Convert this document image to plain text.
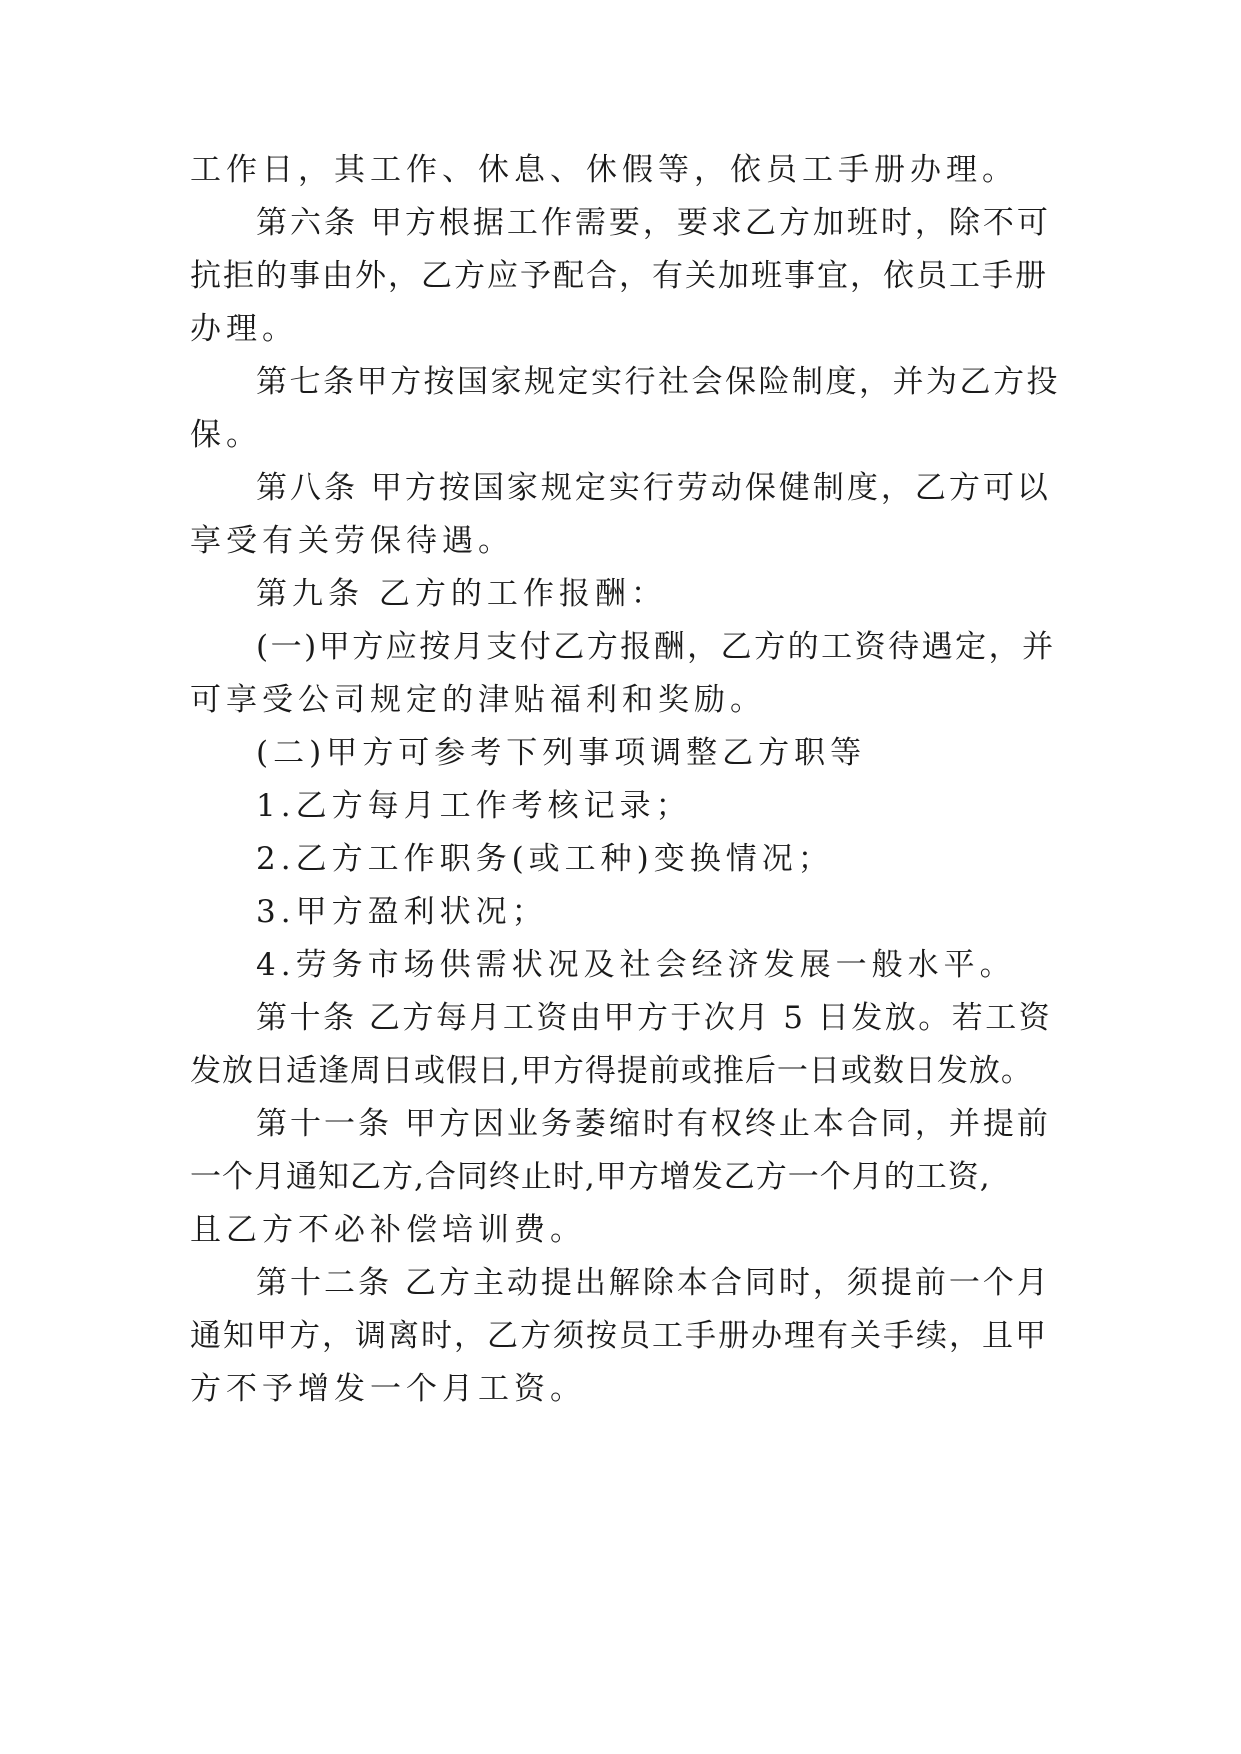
工作日，其工作、休息、休假等，依员工手册办理。
第六条 甲方根据工作需要，要求乙方加班时，除不可
抗拒的事由外，乙方应予配合，有关加班事宜，依员工手册
办理。
第七条甲方按国家规定实行社会保险制度，并为乙方投
保。
第八条 甲方按国家规定实行劳动保健制度，乙方可以
享受有关劳保待遇。
第九条 乙方的工作报酬：
(一)甲方应按月支付乙方报酬，乙方的工资待遇定，并
可享受公司规定的津贴福利和奖励。
(二)甲方可参考下列事项调整乙方职等
1.乙方每月工作考核记录；
2.乙方工作职务(或工种)变换情况；
3.甲方盈利状况；
4.劳务市场供需状况及社会经济发展一般水平。
第十条 乙方每月工资由甲方于次月 5 日发放。若工资
发放日适逢周日或假日,甲方得提前或推后一日或数日发放。
第十一条 甲方因业务萎缩时有权终止本合同，并提前
一个月通知乙方,合同终止时,甲方增发乙方一个月的工资,
且乙方不必补偿培训费。
第十二条 乙方主动提出解除本合同时，须提前一个月
通知甲方，调离时，乙方须按员工手册办理有关手续，且甲
方不予增发一个月工资。
